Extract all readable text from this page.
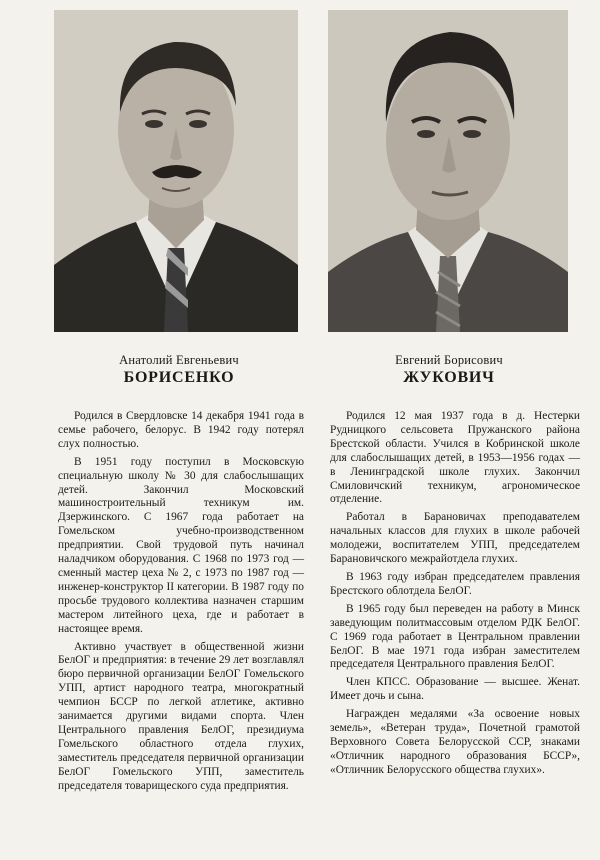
Анатолий Евгеньевич
БОРИСЕНКО

Родился в Свердловске 14 декабря 1941 года в семье рабочего, белорус. В 1942 году потерял слух полностью.

В 1951 году поступил в Московскую специальную школу № 30 для слабослышащих детей. Закончил Московский машиностроительный техникум им. Дзержинского. С 1967 года работает на Гомельском учебно-производственном предприятии. Свой трудовой путь начинал наладчиком оборудования. С 1968 по 1973 год — сменный мастер цеха № 2, с 1973 по 1987 год — инженер-конструктор II категории. В 1987 году по просьбе трудового коллектива назначен старшим мастером литейного цеха, где и работает в настоящее время.

Активно участвует в общественной жизни БелОГ и предприятия: в течение 29 лет возглавлял бюро первичной организации БелОГ Гомельского УПП, артист народного театра, многократный чемпион БССР по легкой атлетике, активно занимается другими видами спорта. Член Центрального правления БелОГ, президиума Гомельского областного отдела глухих, заместитель председателя первичной организации БелОГ Гомельского УПП, заместитель председателя товарищеского суда предприятия.

Евгений Борисович
ЖУКОВИЧ

Родился 12 мая 1937 года в д. Нестерки Рудницкого сельсовета Пружанского района Брестской области. Учился в Кобринской школе для слабослышащих детей, в 1953—1956 годах — в Ленинградской школе глухих. Закончил Смиловичский техникум, агрономическое отделение.

Работал в Барановичах преподавателем начальных классов для глухих в школе рабочей молодежи, воспитателем УПП, председателем Барановичского межрайотдела глухих.

В 1963 году избран председателем правления Брестского облотдела БелОГ.

В 1965 году был переведен на работу в Минск заведующим политмассовым отделом РДК БелОГ. С 1969 года работает в Центральном правлении БелОГ. В мае 1971 года избран заместителем председателя Центрального правления БелОГ.

Член КПСС. Образование — высшее. Женат. Имеет дочь и сына.

Награжден медалями «За освоение новых земель», «Ветеран труда», Почетной грамотой Верховного Совета Белорусской ССР, знаками «Отличник народного образования БССР», «Отличник Белорусского общества глухих».
